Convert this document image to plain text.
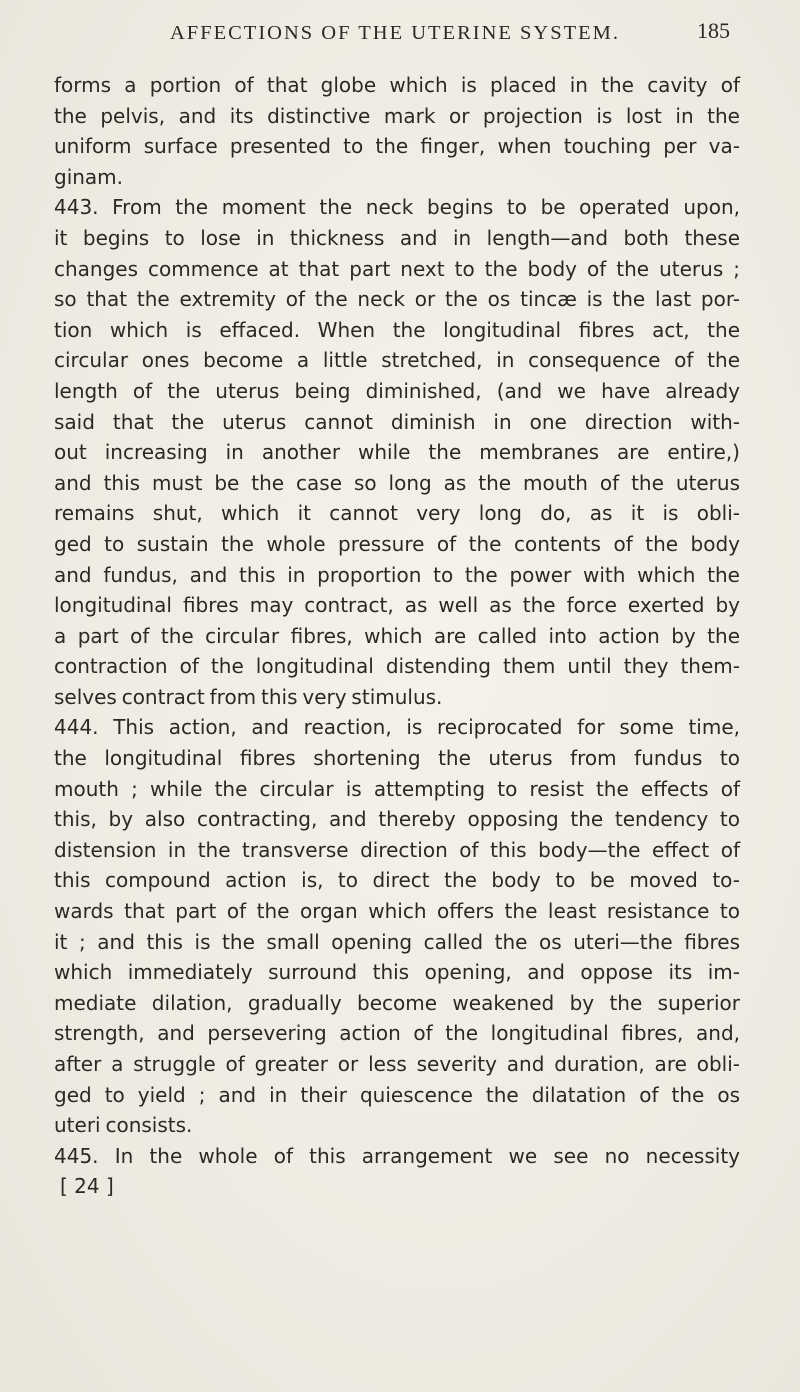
AFFECTIONS OF THE UTERINE SYSTEM.	185
forms a portion of that globe which is placed in the cavity of
the pelvis, and its distinctive mark or projection is lost in the
uniform surface presented to the finger, when touching per va-
ginam.
443. From the moment the neck begins to be operated upon,
it begins to lose in thickness and in length—and both these
changes commence at that part next to the body of the uterus ;
so that the extremity of the neck or the os tincæ is the last por-
tion which is effaced. When the longitudinal fibres act, the
circular ones become a little stretched, in consequence of the
length of the uterus being diminished, (and we have already
said that the uterus cannot diminish in one direction with-
out increasing in another while the membranes are entire,)
and this must be the case so long as the mouth of the uterus
remains shut, which it cannot very long do, as it is obli-
ged to sustain the whole pressure of the contents of the body
and fundus, and this in proportion to the power with which the
longitudinal fibres may contract, as well as the force exerted by
a part of the circular fibres, which are called into action by the
contraction of the longitudinal distending them until they them-
selves contract from this very stimulus.
444. This action, and reaction, is reciprocated for some time,
the longitudinal fibres shortening the uterus from fundus to
mouth ; while the circular is attempting to resist the effects of
this, by also contracting, and thereby opposing the tendency to
distension in the transverse direction of this body—the effect of
this compound action is, to direct the body to be moved to-
wards that part of the organ which offers the least resistance to
it ; and this is the small opening called the os uteri—the fibres
which immediately surround this opening, and oppose its im-
mediate dilation, gradually become weakened by the superior
strength, and persevering action of the longitudinal fibres, and,
after a struggle of greater or less severity and duration, are obli-
ged to yield ; and in their quiescence the dilatation of the os
uteri consists.
445. In the whole of this arrangement we see no necessity
[ 24 ]
